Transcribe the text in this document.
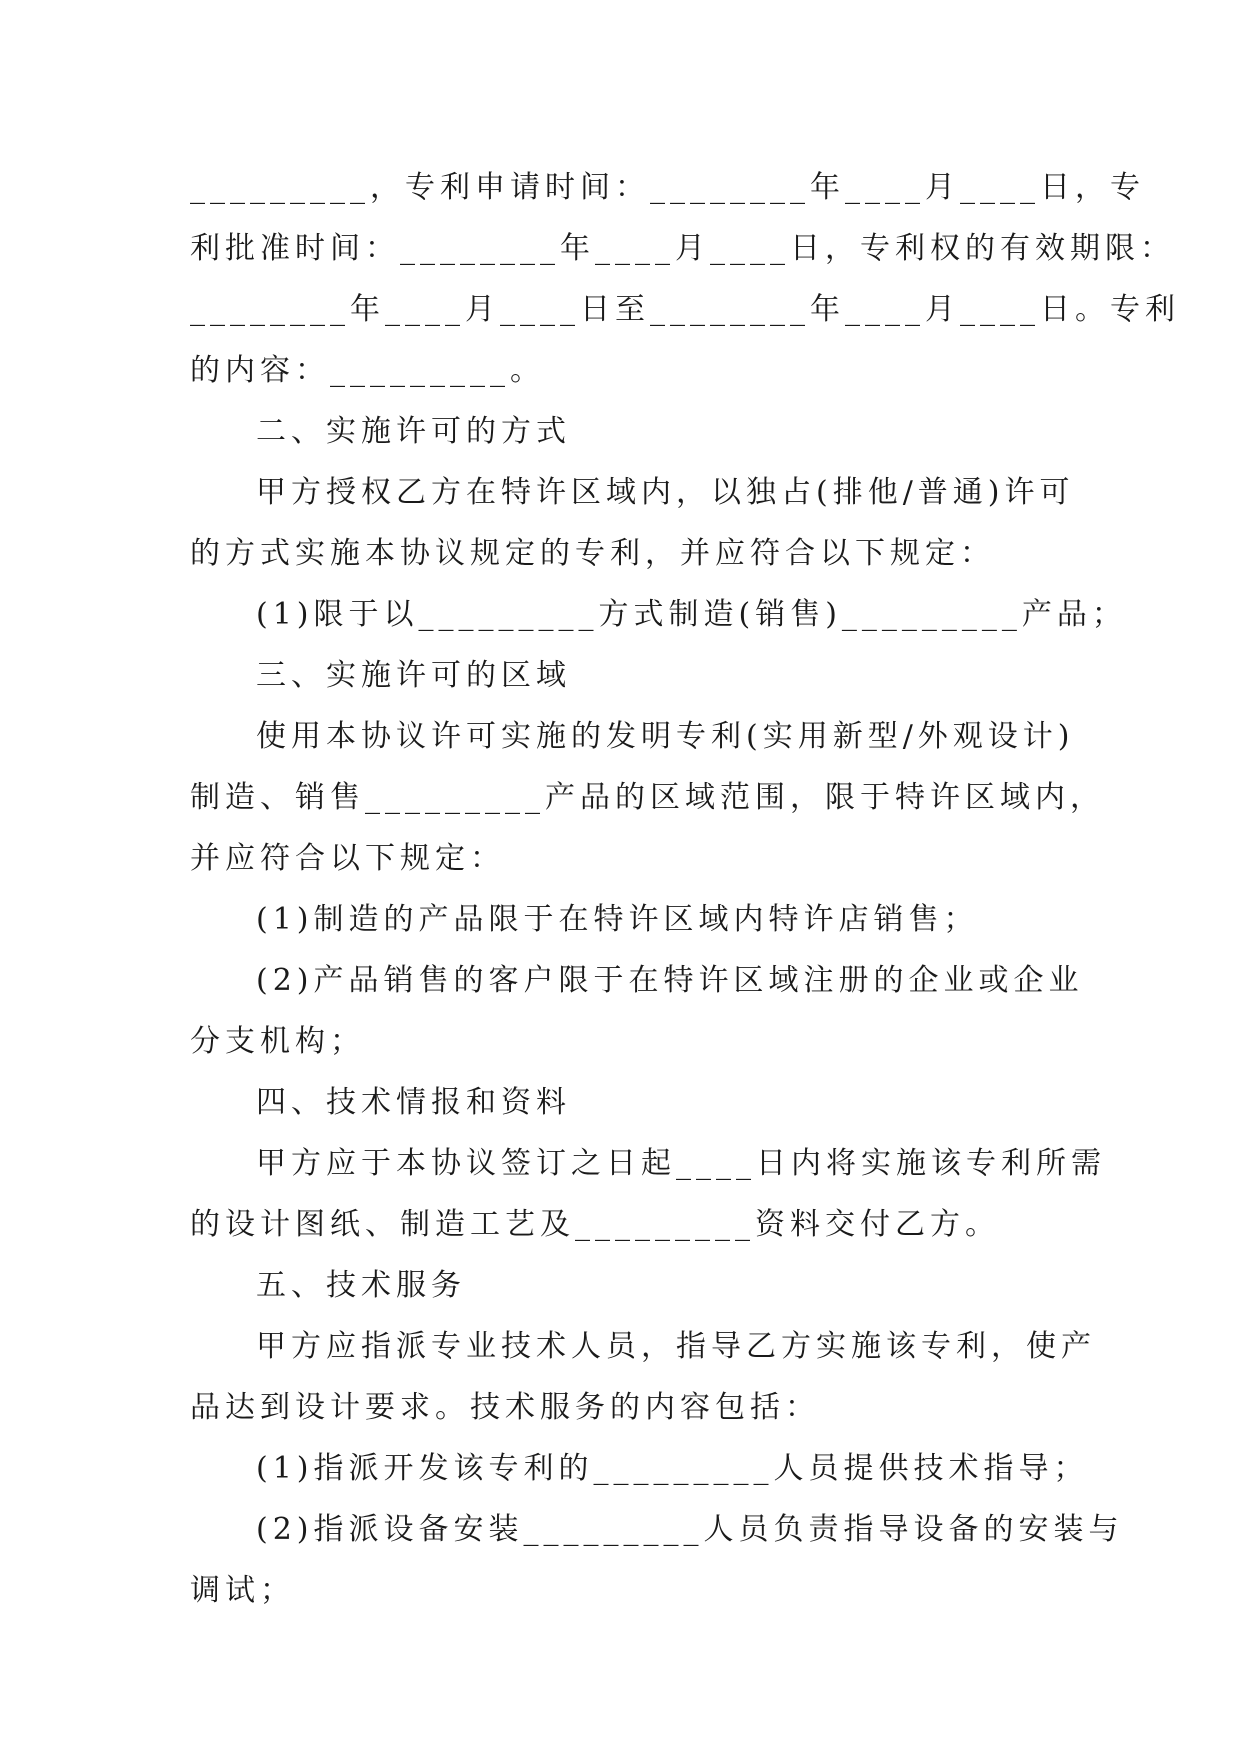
_________，专利申请时间：________年____月____日，专
利批准时间：________年____月____日，专利权的有效期限：
________年____月____日至________年____月____日。专利
的内容：_________。
二、实施许可的方式
甲方授权乙方在特许区域内，以独占(排他/普通)许可
的方式实施本协议规定的专利，并应符合以下规定：
(1)限于以_________方式制造(销售)_________产品；
三、实施许可的区域
使用本协议许可实施的发明专利(实用新型/外观设计)
制造、销售_________产品的区域范围，限于特许区域内，
并应符合以下规定：
(1)制造的产品限于在特许区域内特许店销售；
(2)产品销售的客户限于在特许区域注册的企业或企业
分支机构；
四、技术情报和资料
甲方应于本协议签订之日起____日内将实施该专利所需
的设计图纸、制造工艺及_________资料交付乙方。
五、技术服务
甲方应指派专业技术人员，指导乙方实施该专利，使产
品达到设计要求。技术服务的内容包括：
(1)指派开发该专利的_________人员提供技术指导；
(2)指派设备安装_________人员负责指导设备的安装与
调试；
